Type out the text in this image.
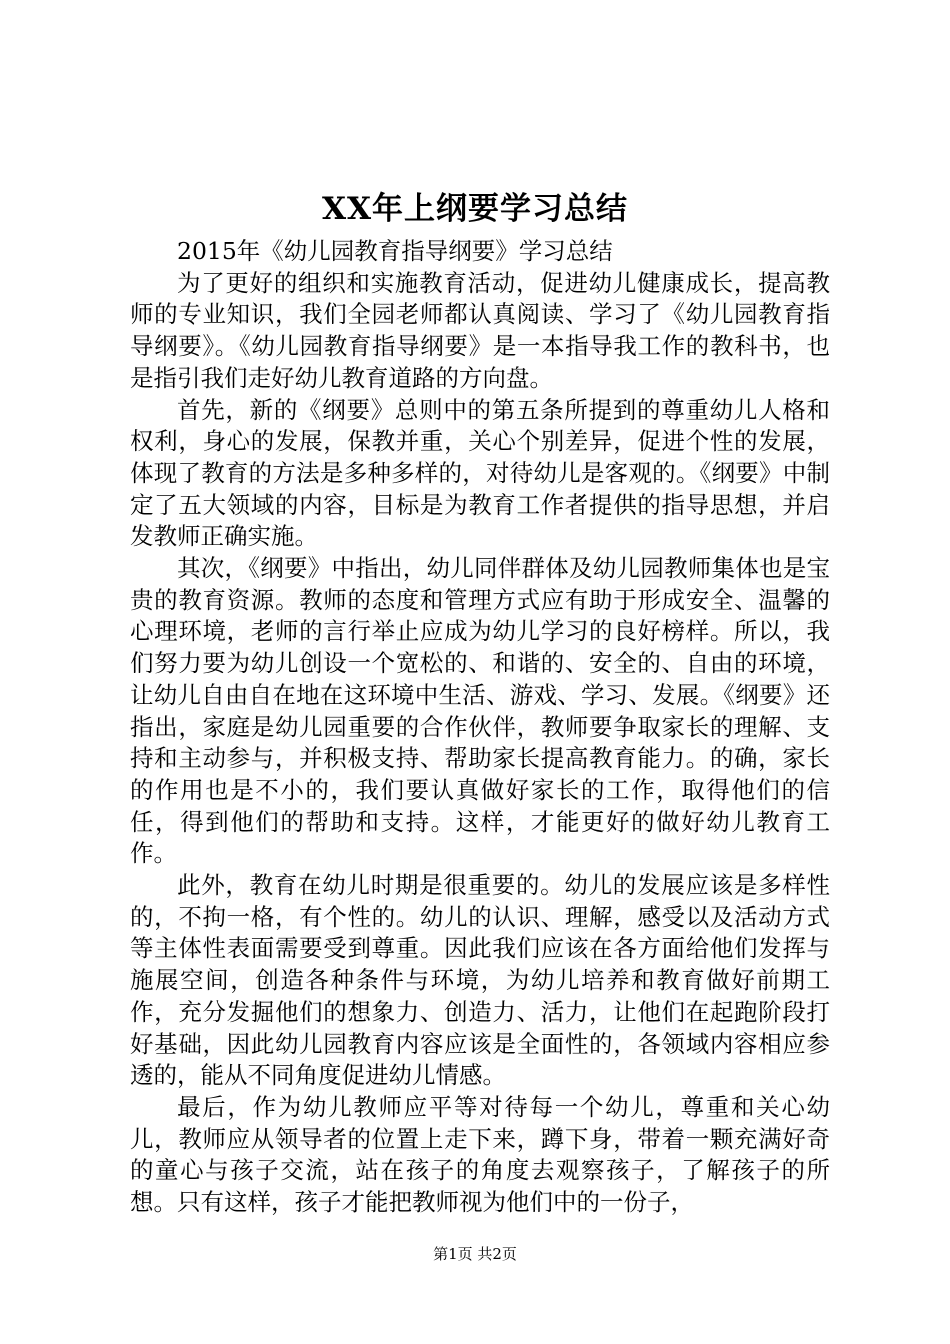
XX年上纲要学习总结

2015年《幼儿园教育指导纲要》学习总结

为了更好的组织和实施教育活动，促进幼儿健康成长，提高教师的专业知识，我们全园老师都认真阅读、学习了《幼儿园教育指导纲要》。《幼儿园教育指导纲要》是一本指导我工作的教科书，也是指引我们走好幼儿教育道路的方向盘。

首先，新的《纲要》总则中的第五条所提到的尊重幼儿人格和权利，身心的发展，保教并重，关心个别差异，促进个性的发展，体现了教育的方法是多种多样的，对待幼儿是客观的。《纲要》中制定了五大领域的内容，目标是为教育工作者提供的指导思想，并启发教师正确实施。

其次，《纲要》中指出，幼儿同伴群体及幼儿园教师集体也是宝贵的教育资源。教师的态度和管理方式应有助于形成安全、温馨的心理环境，老师的言行举止应成为幼儿学习的良好榜样。所以，我们努力要为幼儿创设一个宽松的、和谐的、安全的、自由的环境，让幼儿自由自在地在这环境中生活、游戏、学习、发展。《纲要》还指出，家庭是幼儿园重要的合作伙伴，教师要争取家长的理解、支持和主动参与，并积极支持、帮助家长提高教育能力。的确，家长的作用也是不小的，我们要认真做好家长的工作，取得他们的信任，得到他们的帮助和支持。这样，才能更好的做好幼儿教育工作。

此外，教育在幼儿时期是很重要的。幼儿的发展应该是多样性的，不拘一格，有个性的。幼儿的认识、理解，感受以及活动方式等主体性表面需要受到尊重。因此我们应该在各方面给他们发挥与施展空间，创造各种条件与环境，为幼儿培养和教育做好前期工作，充分发掘他们的想象力、创造力、活力，让他们在起跑阶段打好基础，因此幼儿园教育内容应该是全面性的，各领域内容相应参透的，能从不同角度促进幼儿情感。

最后，作为幼儿教师应平等对待每一个幼儿，尊重和关心幼儿，教师应从领导者的位置上走下来，蹲下身，带着一颗充满好奇的童心与孩子交流，站在孩子的角度去观察孩子，了解孩子的所想。只有这样，孩子才能把教师视为他们中的一份子，

第1页 共2页
